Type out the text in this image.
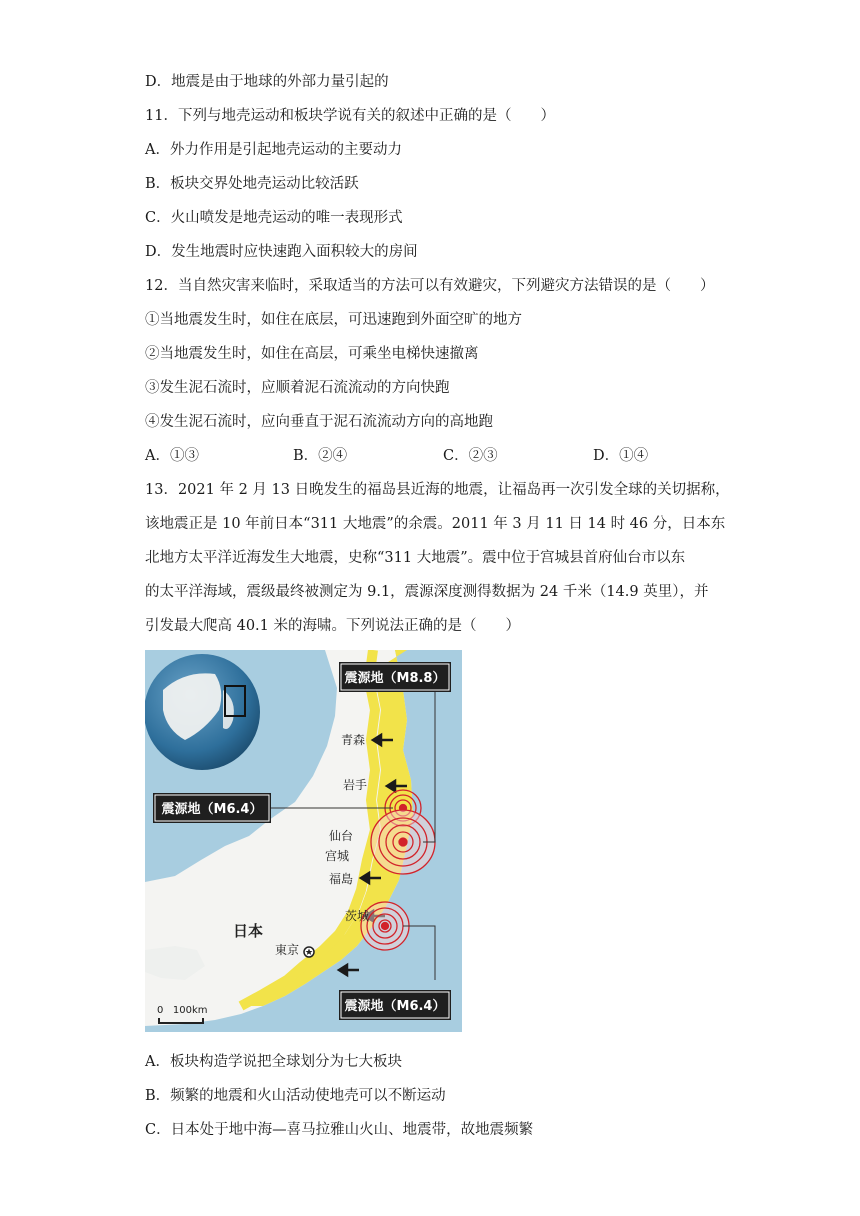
D．地震是由于地球的外部力量引起的
11．下列与地壳运动和板块学说有关的叙述中正确的是（　　）
A．外力作用是引起地壳运动的主要动力
B．板块交界处地壳运动比较活跃
C．火山喷发是地壳运动的唯一表现形式
D．发生地震时应快速跑入面积较大的房间
12．当自然灾害来临时，采取适当的方法可以有效避灾，下列避灾方法错误的是（　　）
①当地震发生时，如住在底层，可迅速跑到外面空旷的地方
②当地震发生时，如住在高层，可乘坐电梯快速撤离
③发生泥石流时，应顺着泥石流流动的方向快跑
④发生泥石流时，应向垂直于泥石流流动方向的高地跑
A．①③	B．②④	C．②③	D．①④
13．2021 年 2 月 13 日晚发生的福岛县近海的地震，让福岛再一次引发全球的关切据称，
该地震正是 10 年前日本“311 大地震”的余震。2011 年 3 月 11 日 14 时 46 分，日本东
北地方太平洋近海发生大地震，史称“311 大地震”。震中位于宫城县首府仙台市以东
的太平洋海域，震级最终被测定为 9.1，震源深度测得数据为 24 千米（14.9 英里），并
引发最大爬高 40.1 米的海啸。下列说法正确的是（　　）
震源地（M8.8）
震源地（M6.4）
震源地（M6.4）
青森
岩手
仙台
宫城
福島
茨城
東京
日本
0   100km
A．板块构造学说把全球划分为七大板块
B．频繁的地震和火山活动使地壳可以不断运动
C．日本处于地中海—喜马拉雅山火山、地震带，故地震频繁
